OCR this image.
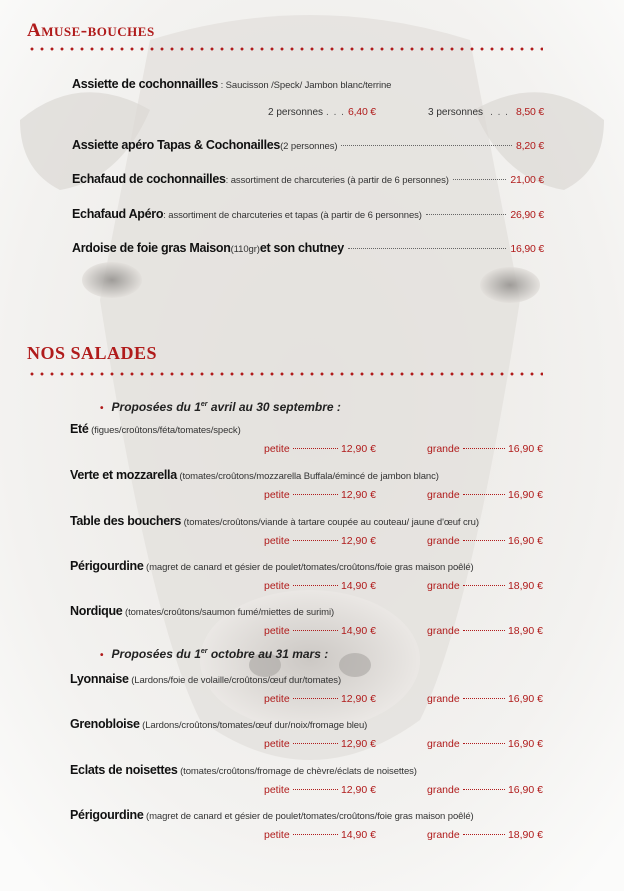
Amuse-bouches
Assiette de cochonnailles : Saucisson /Speck/ Jambon blanc/terrine
2 personnes . . . 6,40 €	3 personnes . . . 8,50 €
Assiette apéro Tapas & Cochonailles (2 personnes)	8,20 €
Echafaud de cochonnailles : assortiment de charcuteries (à partir de 6 personnes)	21,00 €
Echafaud Apéro : assortiment de charcuteries et tapas (à partir de 6 personnes)	26,90 €
Ardoise de foie gras Maison (110gr) et son chutney	16,90 €
NOS SALADES
• Proposées du 1er avril au 30 septembre :
Eté (figues/croûtons/féta/tomates/speck)
petite	12,90 €	grande	16,90 €
Verte et mozzarella (tomates/croûtons/mozzarella Buffala/émincé de jambon blanc)
petite	12,90 €	grande	16,90 €
Table des bouchers (tomates/croûtons/viande à tartare coupée au couteau/ jaune d'œuf cru)
petite	12,90 €	grande	16,90 €
Périgourdine (magret de canard et gésier de poulet/tomates/croûtons/foie gras maison poêlé)
petite	14,90 €	grande	18,90 €
Nordique (tomates/croûtons/saumon fumé/miettes de surimi)
petite	14,90 €	grande	18,90 €
Lyonnaise (Lardons/foie de volaille/croûtons/œuf dur/tomates)
petite	12,90 €	grande	16,90 €
Grenobloise (Lardons/croûtons/tomates/œuf dur/noix/fromage bleu)
petite	12,90 €	grande	16,90 €
Eclats de noisettes (tomates/croûtons/fromage de chèvre/éclats de noisettes)
petite	12,90 €	grande	16,90 €
Périgourdine (magret de canard et gésier de poulet/tomates/croûtons/foie gras maison poêlé)
petite	14,90 €	grande	18,90 €
• Proposées du 1er octobre au 31 mars :
